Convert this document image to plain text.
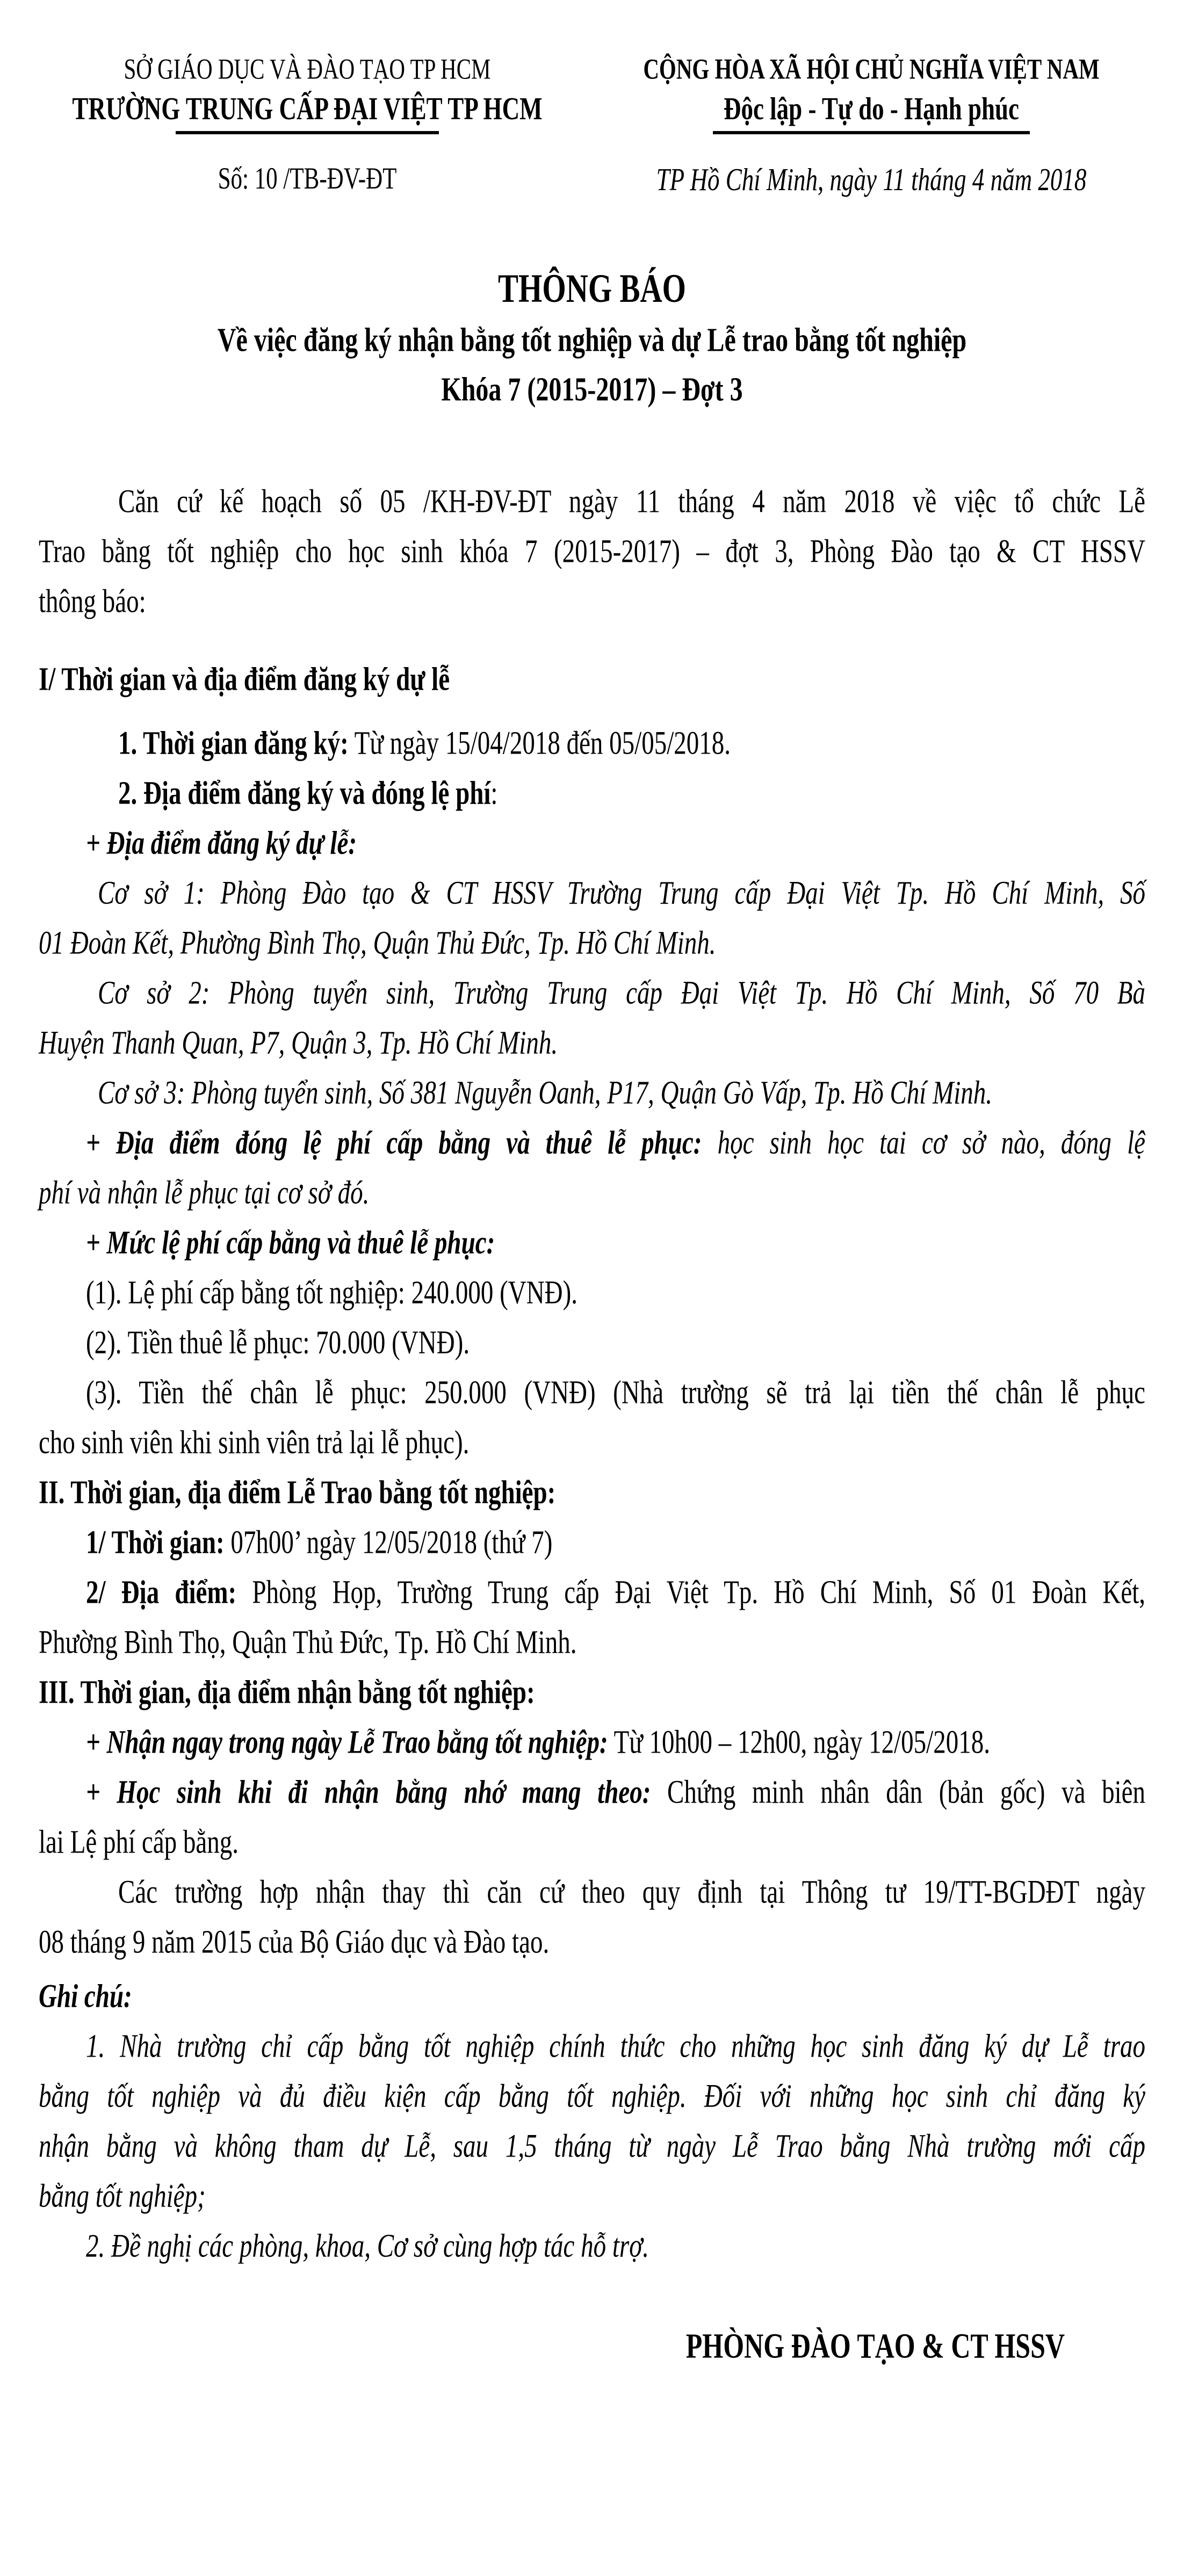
SỞ GIÁO DỤC VÀ ĐÀO TẠO TP HCM
TRƯỜNG TRUNG CẤP ĐẠI VIỆT TP HCM
Số: 10 /TB-ĐV-ĐT
CỘNG HÒA XÃ HỘI CHỦ NGHĨA VIỆT NAM
Độc lập - Tự do - Hạnh phúc
TP Hồ Chí Minh, ngày 11 tháng 4 năm 2018
THÔNG BÁO
Về việc đăng ký nhận bằng tốt nghiệp và dự Lễ trao bằng tốt nghiệp
Khóa 7 (2015-2017) – Đợt 3
Căn cứ kế hoạch số 05 /KH-ĐV-ĐT ngày 11 tháng 4 năm 2018 về việc tổ chức Lễ
Trao bằng tốt nghiệp cho học sinh khóa 7 (2015-2017) – đợt 3, Phòng Đào tạo & CT HSSV
thông báo:
I/ Thời gian và địa điểm đăng ký dự lễ
1. Thời gian đăng ký: Từ ngày 15/04/2018 đến 05/05/2018.
2. Địa điểm đăng ký và đóng lệ phí:
+ Địa điểm đăng ký dự lễ:
Cơ sở 1: Phòng Đào tạo & CT HSSV Trường Trung cấp Đại Việt Tp. Hồ Chí Minh, Số
01 Đoàn Kết, Phường Bình Thọ, Quận Thủ Đức, Tp. Hồ Chí Minh.
Cơ sở 2: Phòng tuyển sinh, Trường Trung cấp Đại Việt Tp. Hồ Chí Minh, Số 70 Bà
Huyện Thanh Quan, P7, Quận 3, Tp. Hồ Chí Minh.
Cơ sở 3: Phòng tuyển sinh, Số 381 Nguyễn Oanh, P17, Quận Gò Vấp, Tp. Hồ Chí Minh.
+ Địa điểm đóng lệ phí cấp bằng và thuê lễ phục: học sinh học tai cơ sở nào, đóng lệ
phí và nhận lễ phục tại cơ sở đó.
+ Mức lệ phí cấp bằng và thuê lễ phục:
(1). Lệ phí cấp bằng tốt nghiệp: 240.000 (VNĐ).
(2). Tiền thuê lễ phục: 70.000 (VNĐ).
(3). Tiền thế chân lễ phục: 250.000 (VNĐ) (Nhà trường sẽ trả lại tiền thế chân lễ phục
cho sinh viên khi sinh viên trả lại lễ phục).
II. Thời gian, địa điểm Lễ Trao bằng tốt nghiệp:
1/ Thời gian: 07h00’ ngày 12/05/2018 (thứ 7)
2/ Địa điểm: Phòng Họp, Trường Trung cấp Đại Việt Tp. Hồ Chí Minh, Số 01 Đoàn Kết,
Phường Bình Thọ, Quận Thủ Đức, Tp. Hồ Chí Minh.
III. Thời gian, địa điểm nhận bằng tốt nghiệp:
+ Nhận ngay trong ngày Lễ Trao bằng tốt nghiệp: Từ 10h00 – 12h00, ngày 12/05/2018.
+ Học sinh khi đi nhận bằng nhớ mang theo: Chứng minh nhân dân (bản gốc) và biên
lai Lệ phí cấp bằng.
Các trường hợp nhận thay thì căn cứ theo quy định tại Thông tư 19/TT-BGDĐT ngày
08 tháng 9 năm 2015 của Bộ Giáo dục và Đào tạo.
Ghi chú:
1. Nhà trường chỉ cấp bằng tốt nghiệp chính thức cho những học sinh đăng ký dự Lễ trao
bằng tốt nghiệp và đủ điều kiện cấp bằng tốt nghiệp. Đối với những học sinh chỉ đăng ký
nhận bằng và không tham dự Lễ, sau 1,5 tháng từ ngày Lễ Trao bằng Nhà trường mới cấp
bằng tốt nghiệp;
2. Đề nghị các phòng, khoa, Cơ sở cùng hợp tác hỗ trợ.
PHÒNG ĐÀO TẠO & CT HSSV
